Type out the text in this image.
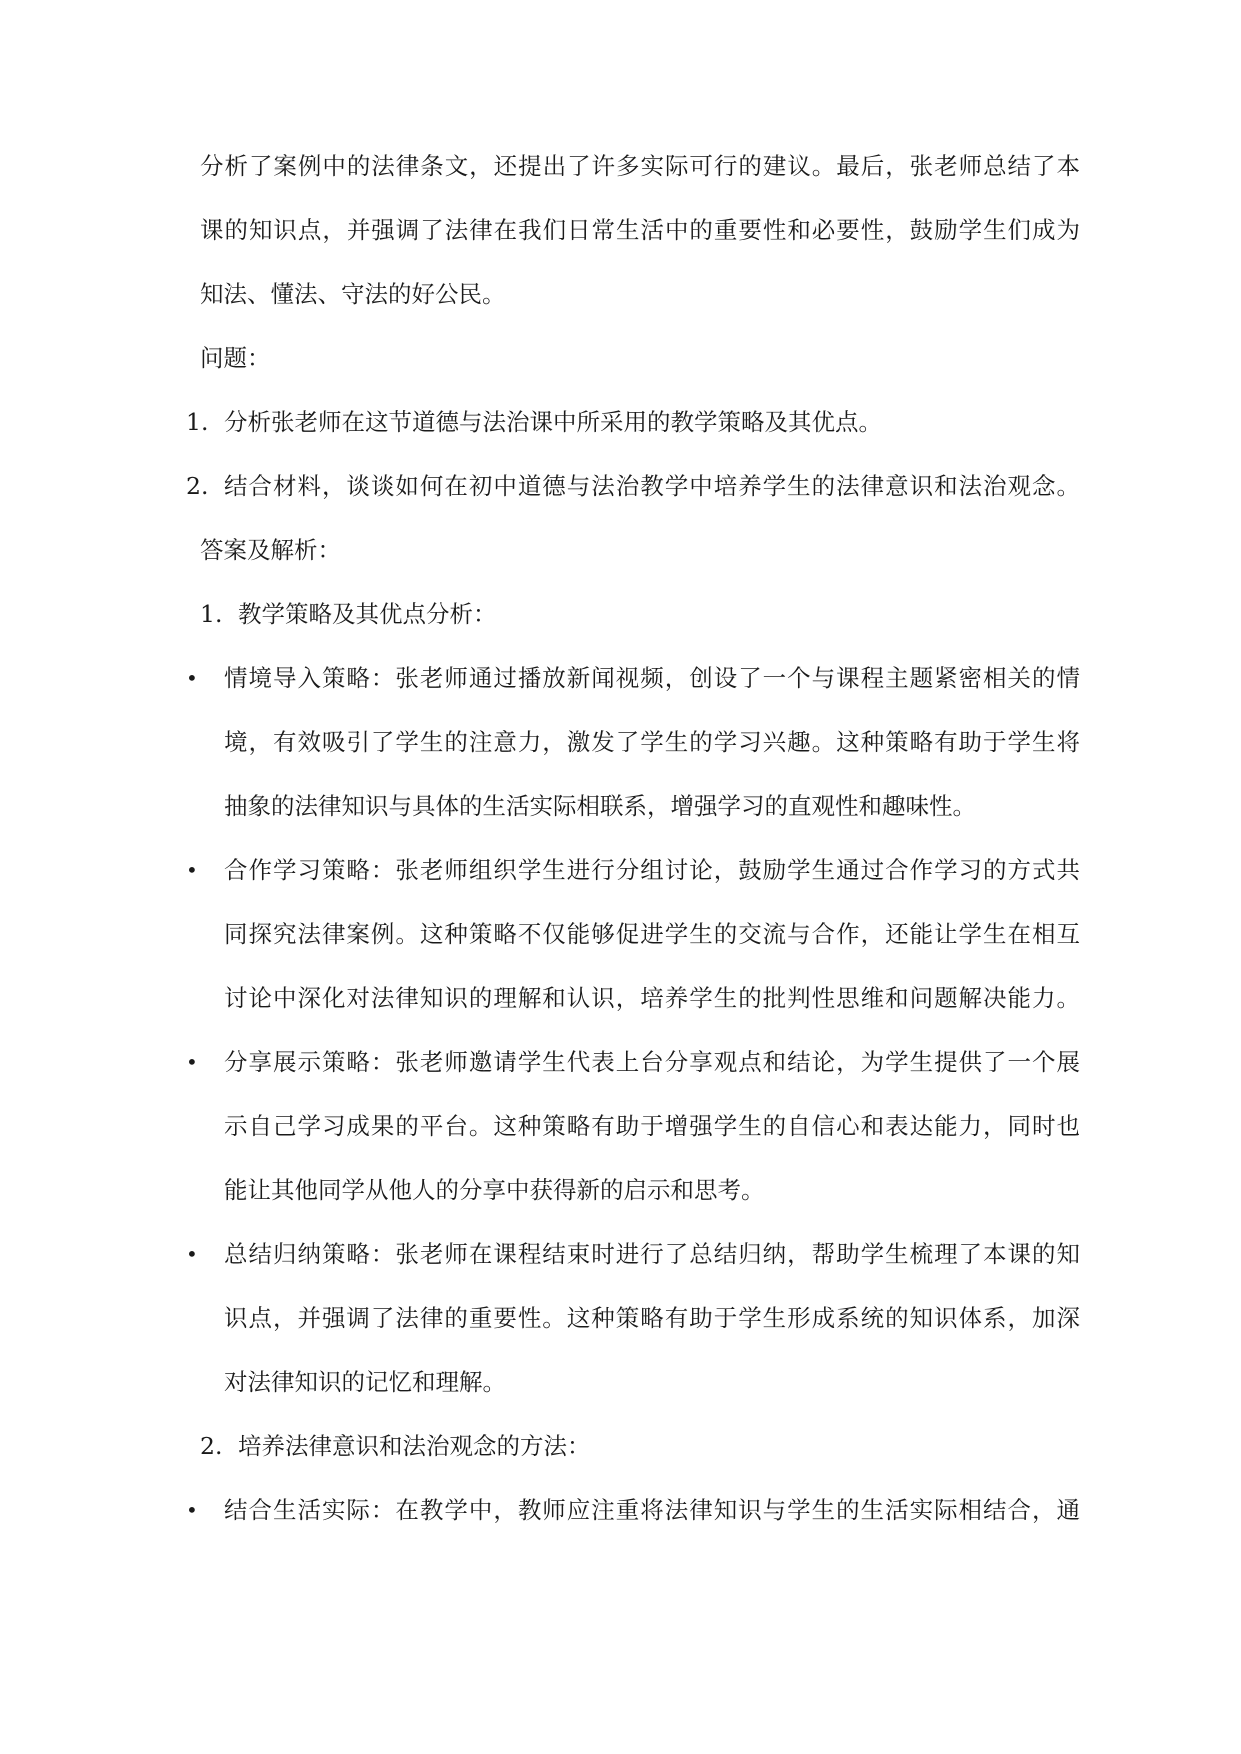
分析了案例中的法律条文，还提出了许多实际可行的建议。最后，张老师总结了本
课的知识点，并强调了法律在我们日常生活中的重要性和必要性，鼓励学生们成为
知法、懂法、守法的好公民。
问题：
1. 分析张老师在这节道德与法治课中所采用的教学策略及其优点。
2. 结合材料，谈谈如何在初中道德与法治教学中培养学生的法律意识和法治观念。
答案及解析：
1. 教学策略及其优点分析：
• 情境导入策略：张老师通过播放新闻视频，创设了一个与课程主题紧密相关的情
境，有效吸引了学生的注意力，激发了学生的学习兴趣。这种策略有助于学生将
抽象的法律知识与具体的生活实际相联系，增强学习的直观性和趣味性。
• 合作学习策略：张老师组织学生进行分组讨论，鼓励学生通过合作学习的方式共
同探究法律案例。这种策略不仅能够促进学生的交流与合作，还能让学生在相互
讨论中深化对法律知识的理解和认识，培养学生的批判性思维和问题解决能力。
• 分享展示策略：张老师邀请学生代表上台分享观点和结论，为学生提供了一个展
示自己学习成果的平台。这种策略有助于增强学生的自信心和表达能力，同时也
能让其他同学从他人的分享中获得新的启示和思考。
• 总结归纳策略：张老师在课程结束时进行了总结归纳，帮助学生梳理了本课的知
识点，并强调了法律的重要性。这种策略有助于学生形成系统的知识体系，加深
对法律知识的记忆和理解。
2. 培养法律意识和法治观念的方法：
• 结合生活实际：在教学中，教师应注重将法律知识与学生的生活实际相结合，通
